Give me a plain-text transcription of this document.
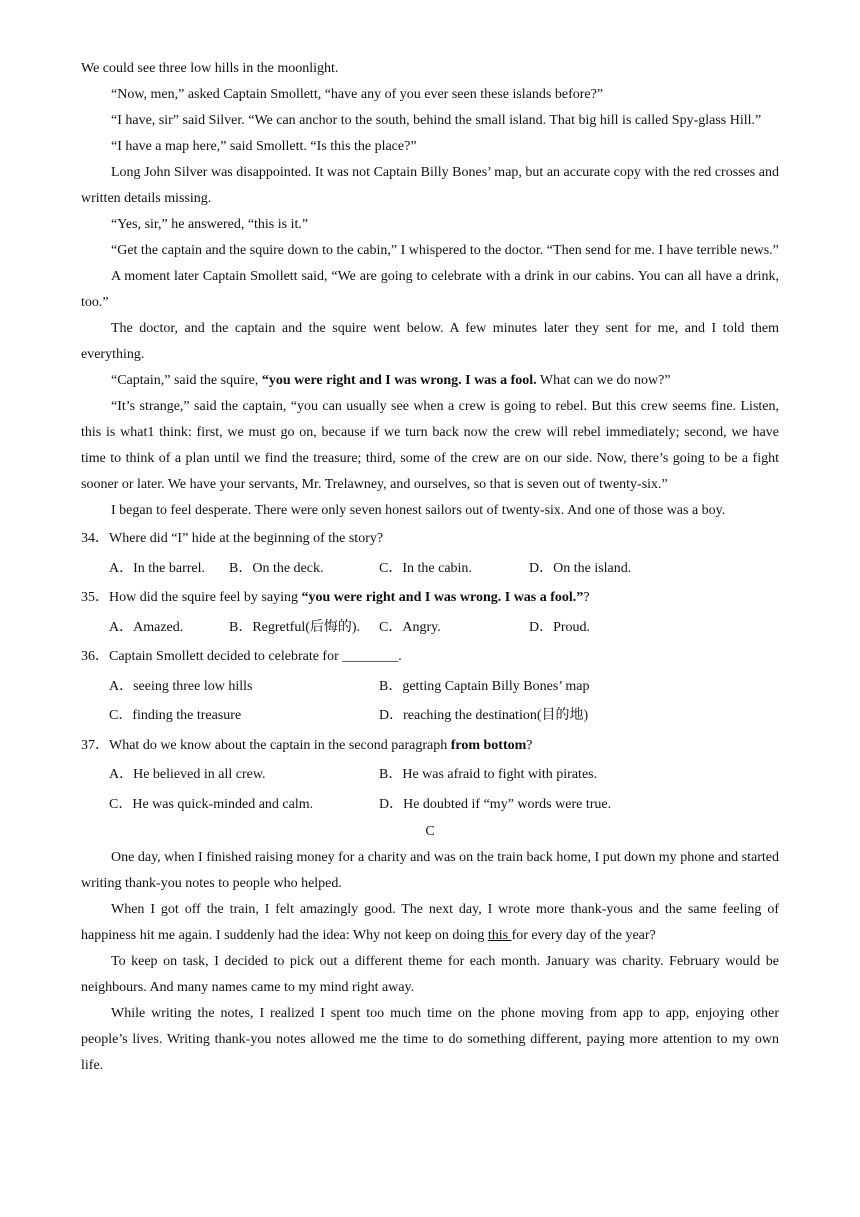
We could see three low hills in the moonlight.

“Now, men,” asked Captain Smollett, “have any of you ever seen these islands before?”

“I have, sir” said Silver. “We can anchor to the south, behind the small island. That big hill is called Spy-glass Hill.”

“I have a map here,” said Smollett. “Is this the place?”

Long John Silver was disappointed. It was not Captain Billy Bones’ map, but an accurate copy with the red crosses and written details missing.

“Yes, sir,” he answered, “this is it.”

“Get the captain and the squire down to the cabin,” I whispered to the doctor. “Then send for me. I have terrible news.”

A moment later Captain Smollett said, “We are going to celebrate with a drink in our cabins. You can all have a drink, too.”

The doctor, and the captain and the squire went below. A few minutes later they sent for me, and I told them everything.

“Captain,” said the squire, “you were right and I was wrong. I was a fool. What can we do now?”

“It’s strange,” said the captain, “you can usually see when a crew is going to rebel. But this crew seems fine. Listen, this is what1 think: first, we must go on, because if we turn back now the crew will rebel immediately; second, we have time to think of a plan until we find the treasure; third, some of the crew are on our side. Now, there’s going to be a fight sooner or later. We have your servants, Mr. Trelawney, and ourselves, so that is seven out of twenty-six.”

I began to feel desperate. There were only seven honest sailors out of twenty-six. And one of those was a boy.

34．Where did “I” hide at the beginning of the story?

A．In the barrel. B．On the deck.	C．In the cabin.	D．On the island.

35．How did the squire feel by saying “you were right and I was wrong. I was a fool.”?

A．Amazed.	B．Regretful(后悔的). C．Angry.	D．Proud.

36．Captain Smollett decided to celebrate for ________.

A．seeing three low hills	B．getting Captain Billy Bones’ map
C．finding the treasure	D．reaching the destination(目的地)

37．What do we know about the captain in the second paragraph from bottom?

A．He believed in all crew.	B．He was afraid to fight with pirates.
C．He was quick-minded and calm.	D．He doubted if “my” words were true.

C

One day, when I finished raising money for a charity and was on the train back home, I put down my phone and started writing thank-you notes to people who helped.

When I got off the train, I felt amazingly good. The next day, I wrote more thank-yous and the same feeling of happiness hit me again. I suddenly had the idea: Why not keep on doing this for every day of the year?

To keep on task, I decided to pick out a different theme for each month. January was charity. February would be neighbours. And many names came to my mind right away.

While writing the notes, I realized I spent too much time on the phone moving from app to app, enjoying other people’s lives. Writing thank-you notes allowed me the time to do something different, paying more attention to my own life.
